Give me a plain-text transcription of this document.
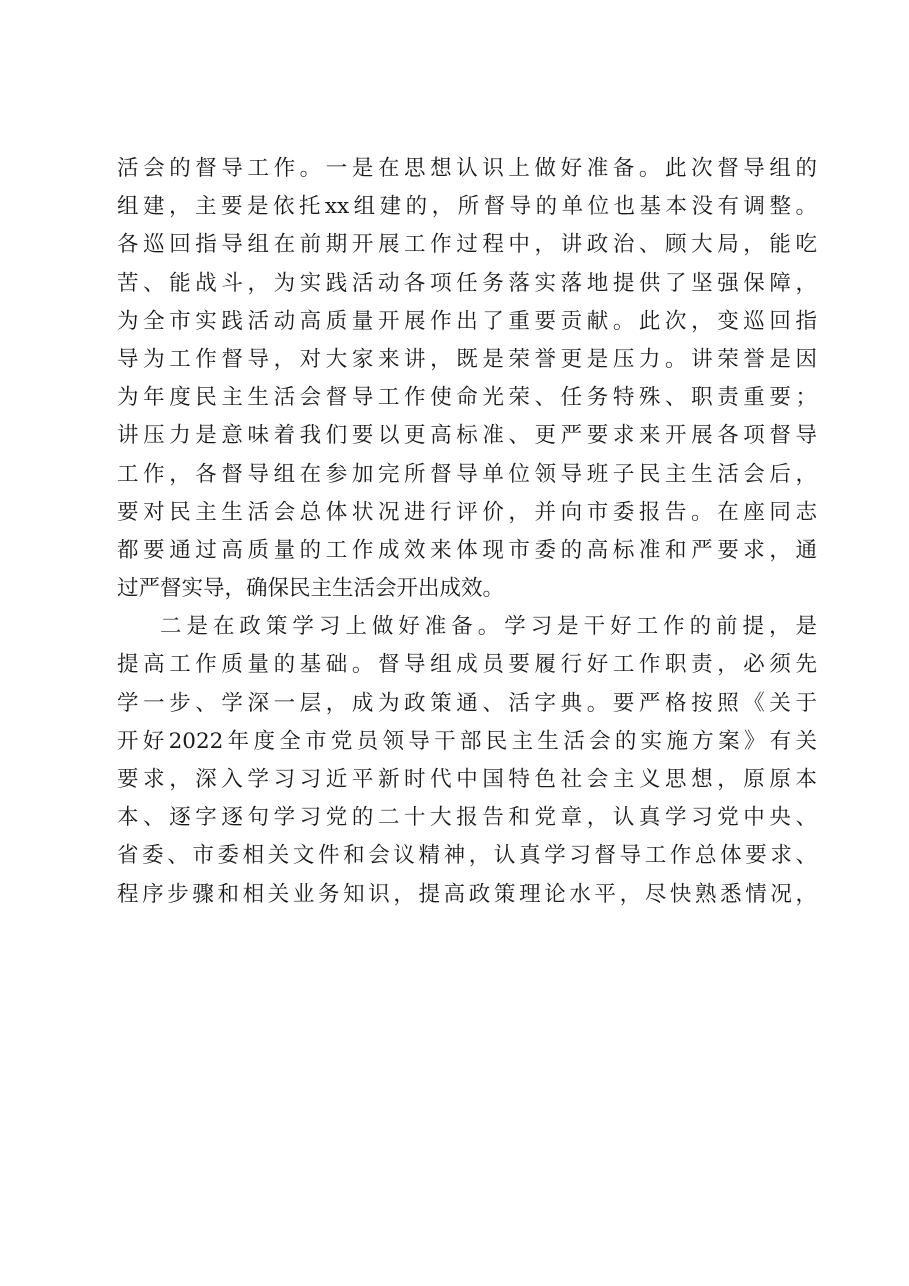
活会的督导工作。一是在思想认识上做好准备。此次督导组的
组建，主要是依托xx组建的，所督导的单位也基本没有调整。
各巡回指导组在前期开展工作过程中，讲政治、顾大局，能吃
苦、能战斗，为实践活动各项任务落实落地提供了坚强保障，
为全市实践活动高质量开展作出了重要贡献。此次，变巡回指
导为工作督导，对大家来讲，既是荣誉更是压力。讲荣誉是因
为年度民主生活会督导工作使命光荣、任务特殊、职责重要；
讲压力是意味着我们要以更高标准、更严要求来开展各项督导
工作，各督导组在参加完所督导单位领导班子民主生活会后，
要对民主生活会总体状况进行评价，并向市委报告。在座同志
都要通过高质量的工作成效来体现市委的高标准和严要求，通
过严督实导，确保民主生活会开出成效。
二是在政策学习上做好准备。学习是干好工作的前提，是
提高工作质量的基础。督导组成员要履行好工作职责，必须先
学一步、学深一层，成为政策通、活字典。要严格按照《关于
开好2022年度全市党员领导干部民主生活会的实施方案》有关
要求，深入学习习近平新时代中国特色社会主义思想，原原本
本、逐字逐句学习党的二十大报告和党章，认真学习党中央、
省委、市委相关文件和会议精神，认真学习督导工作总体要求、
程序步骤和相关业务知识，提高政策理论水平，尽快熟悉情况，
